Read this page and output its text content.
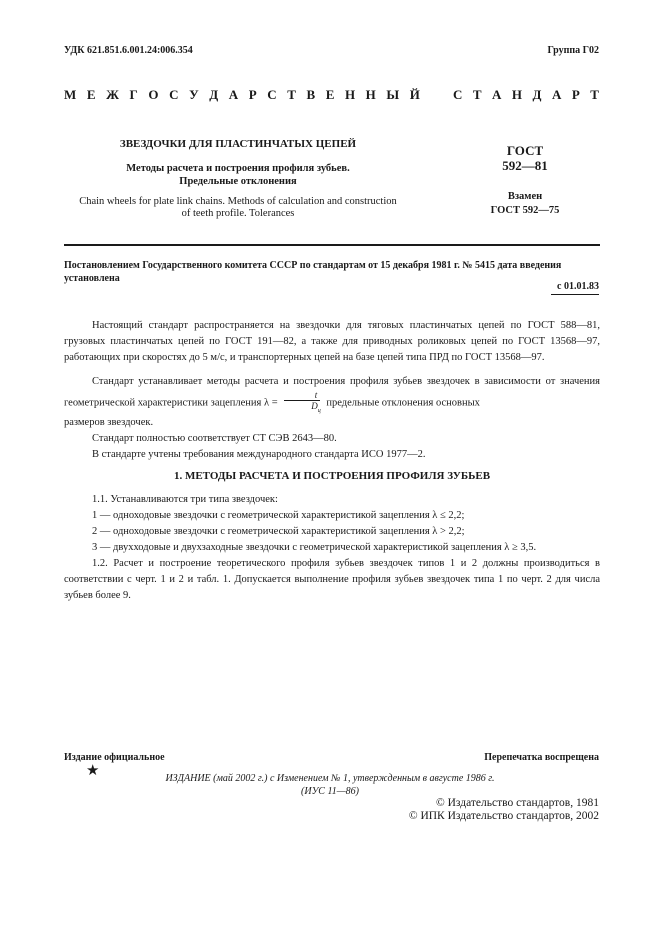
УДК 621.851.6.001.24:006.354	Группа Г02
М Е Ж Г О С У Д А Р С Т В Е Н Н Ы Й	С Т А Н Д А Р Т
ЗВЕЗДОЧКИ ДЛЯ ПЛАСТИНЧАТЫХ ЦЕПЕЙ
Методы расчета и построения профиля зубьев.
Предельные отклонения
Chain wheels for plate link chains. Methods of calculation and construction
of teeth profile. Tolerances
ГОСТ
592—81
Взамен
ГОСТ 592—75
Постановлением Государственного комитета СССР по стандартам от 15 декабря 1981 г. № 5415 дата введения установлена
с 01.01.83
Настоящий стандарт распространяется на звездочки для тяговых пластинчатых цепей по ГОСТ 588—81, грузовых пластинчатых цепей по ГОСТ 191—82, а также для приводных роликовых цепей по ГОСТ 13568—97, работающих при скоростях до 5 м/с, и транспортерных цепей на базе цепей типа ПРД по ГОСТ 13568—97.
Стандарт устанавливает методы расчета и построения профиля зубьев звездочек в зависимости от значения геометрической характеристики зацепления $\lambda = \frac{t}{D_ц}$ предельные отклонения основных
размеров звездочек.
Стандарт полностью соответствует СТ СЭВ 2643—80.
В стандарте учтены требования международного стандарта ИСО 1977—2.
1. МЕТОДЫ РАСЧЕТА И ПОСТРОЕНИЯ ПРОФИЛЯ ЗУБЬЕВ
1.1. Устанавливаются три типа звездочек:
1 — одноходовые звездочки с геометрической характеристикой зацепления λ ≤ 2,2;
2 — одноходовые звездочки с геометрической характеристикой зацепления λ > 2,2;
3 — двухходовые и двухзаходные звездочки с геометрической характеристикой зацепления λ ≥ 3,5.
1.2. Расчет и построение теоретического профиля зубьев звездочек типов 1 и 2 должны производиться в соответствии с черт. 1 и 2 и табл. 1. Допускается выполнение профиля зубьев звездочек типа 1 по черт. 2 для числа зубьев более 9.
Издание официальное	Перепечатка воспрещена
★	ИЗДАНИЕ (май 2002 г.) с Изменением № 1, утвержденным в августе 1986 г.
(ИУС 11—86)
© Издательство стандартов, 1981
© ИПК Издательство стандартов, 2002
